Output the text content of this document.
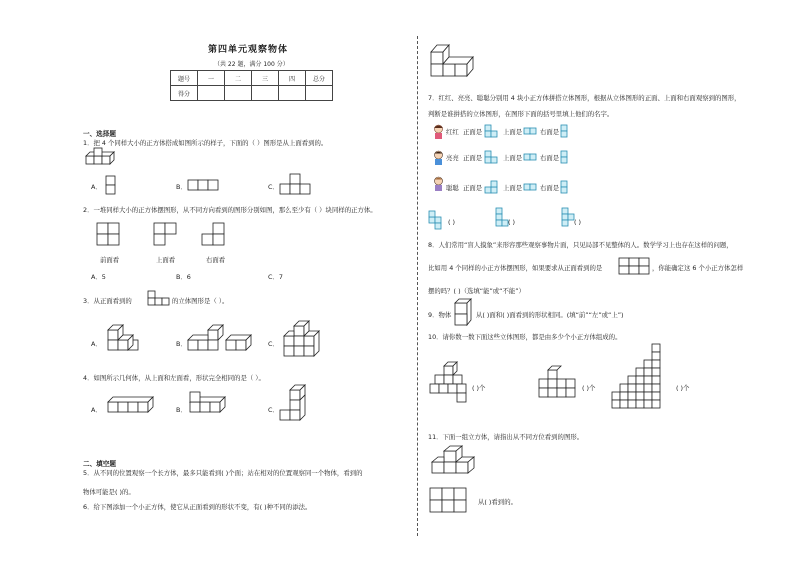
第四单元观察物体
（共 22 题，满分 100 分）
题号	一	二	三	四	总分
得分					
一、选择题
1．把 4 个同样大小的正方体搭成如图所示的样子，下面的（ ）图形是从上面看到的。
A．	B．	C．
2．一堆同样大小的正方体摆图形，从不同方向看到的图形分别如图，那么至少有（ ）块同样的正方体。
前面看	上面看	右面看
A．5	B．6	C．7
3．从正面看到的	的立体图形是（ ）。
A．	B．	C．
4．如图所示几何体，从上面和左面看，形状完全相同的是（ ）。
A．	B．	C．
二、填空题
5．从不同的位置观察一个长方体，最多只能看到( )个面；站在相对的位置观察同一个物体，看到的
物体可能是( )的。
6．给下图添加一个小正方体，使它从正面看到的形状不变，有( )种不同的添法。
7．红红、亮亮、聪聪分别用 4 块小正方体拼搭立体图形，根据从立体图形的正面、上面和右面观察到的图形，
判断是谁拼搭的立体图形，在图形下面的括号里填上他们的名字。
红红 正面是	上面是	右面是
亮亮 正面是	上面是	右面是
聪聪 正面是	上面是	右面是
( )	( )	( )
8．人们常用“盲人摸象”来形容那些观察事物片面，只见局部不见整体的人。数学学习上也存在这样的问题，
比如用 4 个同样的小正方体摆图形，如果要求从正面看到的是	，你能确定这 6 个小正方体怎样
摆的吗？( )（选填“能”或“不能”）
9．物体	从( )面和( )面看到的形状相同。(填“前”“左”或“上”)
10．请你数一数下面这些立体图形，都是由多少个小正方体组成的。
( )个	( )个	( )个
11．下面一组立方体，请指出从不同方位看到的图形。
从( )看到的。
